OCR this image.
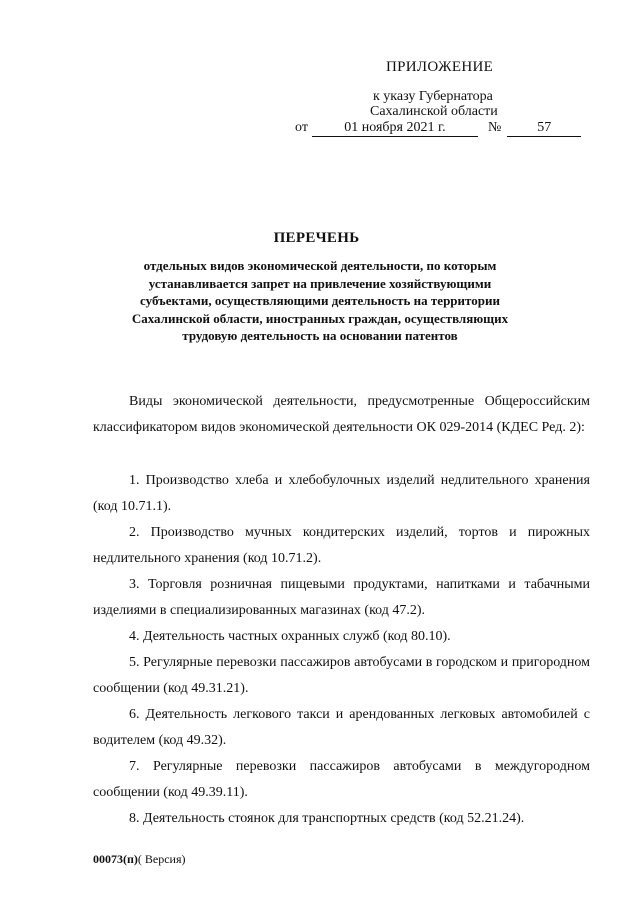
ПРИЛОЖЕНИЕ
к указу Губернатора
Сахалинской области
от	01 ноября 2021 г.	№	57
ПЕРЕЧЕНЬ
отдельных видов экономической деятельности, по которым устанавливается запрет на привлечение хозяйствующими субъектами, осуществляющими деятельность на территории Сахалинской области, иностранных граждан, осуществляющих трудовую деятельность на основании патентов
Виды экономической деятельности, предусмотренные Общероссийским классификатором видов экономической деятельности ОК 029-2014 (КДЕС Ред. 2):
1. Производство хлеба и хлебобулочных изделий недлительного хранения (код 10.71.1).
2. Производство мучных кондитерских изделий, тортов и пирожных недлительного хранения (код 10.71.2).
3. Торговля розничная пищевыми продуктами, напитками и табачными изделиями в специализированных магазинах (код 47.2).
4. Деятельность частных охранных служб (код 80.10).
5. Регулярные перевозки пассажиров автобусами в городском и пригородном сообщении (код 49.31.21).
6. Деятельность легкового такси и арендованных легковых автомобилей с водителем (код 49.32).
7. Регулярные перевозки пассажиров автобусами в междугородном сообщении (код 49.39.11).
8. Деятельность стоянок для транспортных средств (код 52.21.24).
00073(п)( Версия)
